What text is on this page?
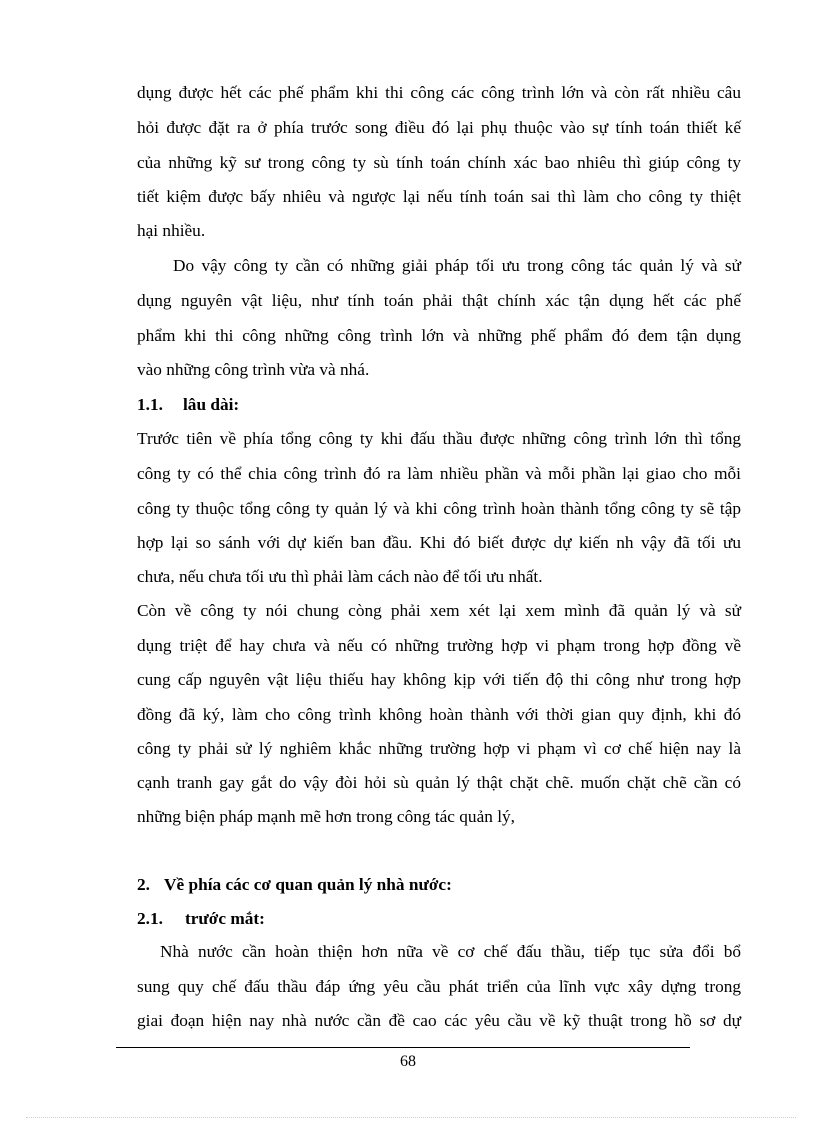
dụng được hết các phế phẩm khi thi công các công trình lớn và còn rất nhiều câu
hỏi được đặt ra ở phía trước song điều đó lại phụ thuộc vào sự tính toán thiết kế
của những kỹ sư trong công ty sù tính toán chính xác bao nhiêu thì giúp công ty
tiết kiệm được bấy nhiêu và ngược lại nếu tính toán sai thì làm cho công ty thiệt
hại nhiều.
Do vậy công ty cần có những giải pháp tối ưu trong công tác quản lý và sử
dụng nguyên vật liệu, như tính toán phải thật chính xác tận dụng hết các phế
phẩm khi thi công những công trình lớn và những phế phẩm đó đem tận dụng
vào những công trình vừa và nhá.
1.1. lâu dài:
Trước tiên về phía tổng công ty khi đấu thầu được những công trình lớn thì tổng
công ty có thể chia công trình đó ra làm nhiều phần và mỗi phần lại giao cho mỗi
công ty thuộc tổng công ty quản lý và khi công trình hoàn thành tổng công ty sẽ tập
hợp lại so sánh với dự kiến ban đầu. Khi đó biết được dự kiến nh vậy đã tối ưu
chưa, nếu chưa tối ưu thì phải làm cách nào để tối ưu nhất.
Còn về công ty nói chung còng phải xem xét lại xem mình đã quản lý và sử
dụng triệt để hay chưa và nếu có những trường hợp vi phạm trong hợp đồng về
cung cấp nguyên vật liệu thiếu hay không kịp với tiến độ thi công như trong hợp
đồng đã ký, làm cho công trình không hoàn thành với thời gian quy định, khi đó
công ty phải sử lý nghiêm khắc những trường hợp vi phạm vì cơ chế hiện nay là
cạnh tranh gay gắt do vậy đòi hỏi sù quản lý thật chặt chẽ. muốn chặt chẽ cần có
những biện pháp mạnh mẽ hơn trong công tác quản lý,
2. Về phía các cơ quan quản lý nhà nước:
2.1. trước mắt:
Nhà nước cần hoàn thiện hơn nữa về cơ chế đấu thầu, tiếp tục sửa đổi bổ
sung quy chế đấu thầu đáp ứng yêu cầu phát triển của lĩnh vực xây dựng trong
giai đoạn hiện nay nhà nước cần đề cao các yêu cầu về kỹ thuật trong hồ sơ dự
68
